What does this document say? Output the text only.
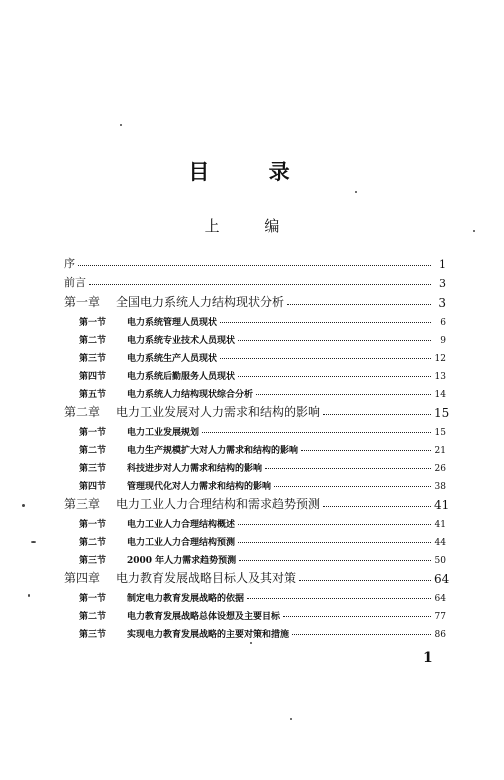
目 录
上 编
序	1
前言	3
第一章	全国电力系统人力结构现状分析	3
第一节	电力系统管理人员现状	6
第二节	电力系统专业技术人员现状	9
第三节	电力系统生产人员现状	12
第四节	电力系统后勤服务人员现状	13
第五节	电力系统人力结构现状综合分析	14
第二章	电力工业发展对人力需求和结构的影响	15
第一节	电力工业发展规划	15
第二节	电力生产规模扩大对人力需求和结构的影响	21
第三节	科技进步对人力需求和结构的影响	26
第四节	管理现代化对人力需求和结构的影响	38
第三章	电力工业人力合理结构和需求趋势预测	41
第一节	电力工业人力合理结构概述	41
第二节	电力工业人力合理结构预测	44
第三节	2000 年人力需求趋势预测	50
第四章	电力教育发展战略目标人及其对策	64
第一节	制定电力教育发展战略的依据	64
第二节	电力教育发展战略总体设想及主要目标	77
第三节	实现电力教育发展战略的主要对策和措施	86
1
